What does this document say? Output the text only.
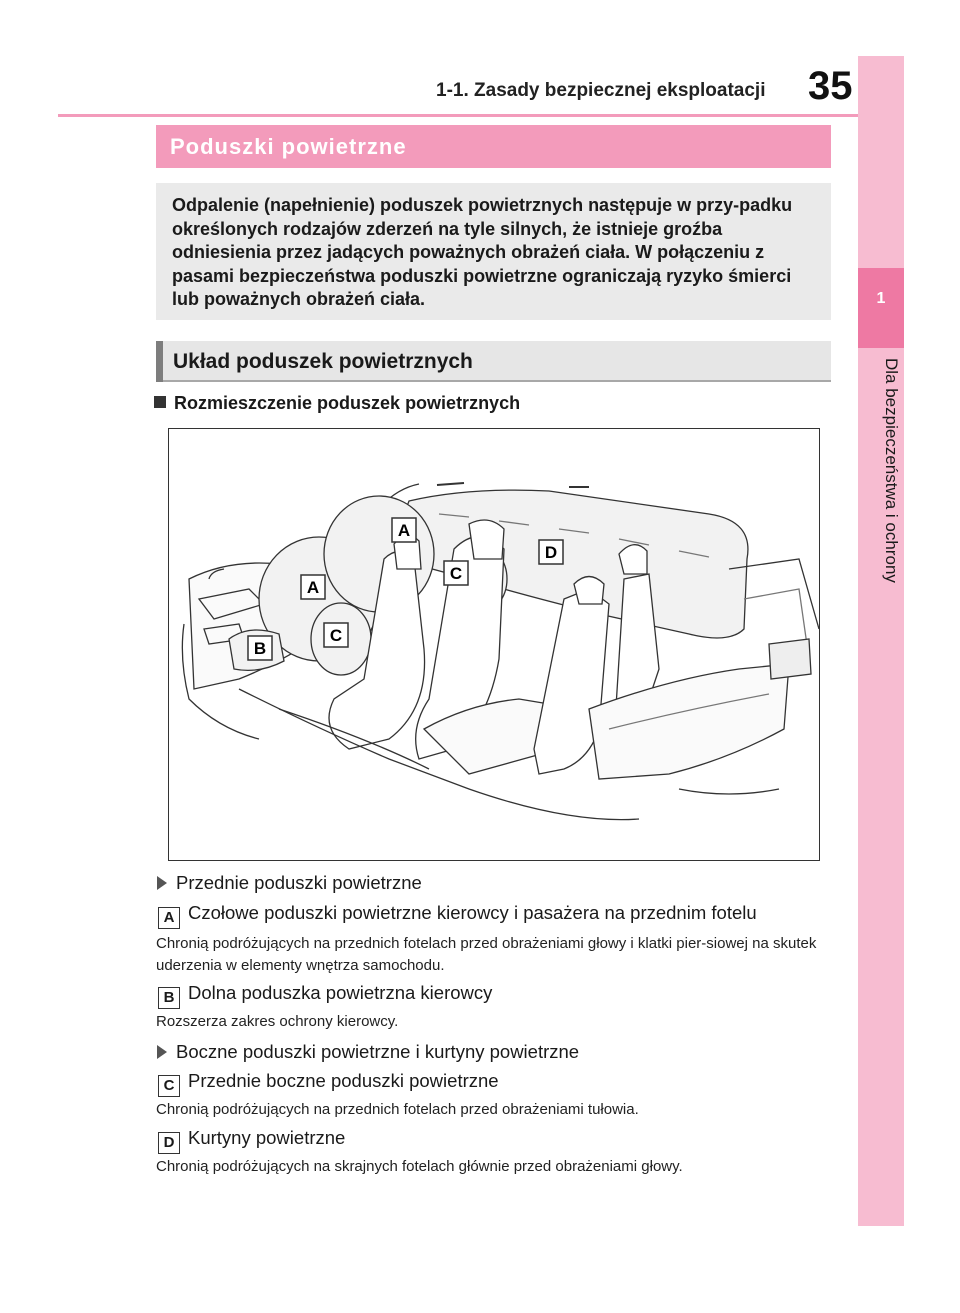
1-1. Zasady bezpiecznej eksploatacji 35
1
Dla bezpieczeństwa i ochrony
Poduszki powietrzne

Odpalenie (napełnienie) poduszek powietrznych następuje w przy-padku określonych rodzajów zderzeń na tyle silnych, że istnieje groźba odniesienia przez jadących poważnych obrażeń ciała. W połączeniu z pasami bezpieczeństwa poduszki powietrzne ograniczają ryzyko śmierci lub poważnych obrażeń ciała.

Układ poduszek powietrznych
Rozmieszczenie poduszek powietrznych
A
A
B
C
C
D
Przednie poduszki powietrzne
A Czołowe poduszki powietrzne kierowcy i pasażera na przednim fotelu
Chronią podróżujących na przednich fotelach przed obrażeniami głowy i klatki pier-siowej na skutek uderzenia w elementy wnętrza samochodu.
B Dolna poduszka powietrzna kierowcy
Rozszerza zakres ochrony kierowcy.
Boczne poduszki powietrzne i kurtyny powietrzne
C Przednie boczne poduszki powietrzne
Chronią podróżujących na przednich fotelach przed obrażeniami tułowia.
D Kurtyny powietrzne
Chronią podróżujących na skrajnych fotelach głównie przed obrażeniami głowy.
